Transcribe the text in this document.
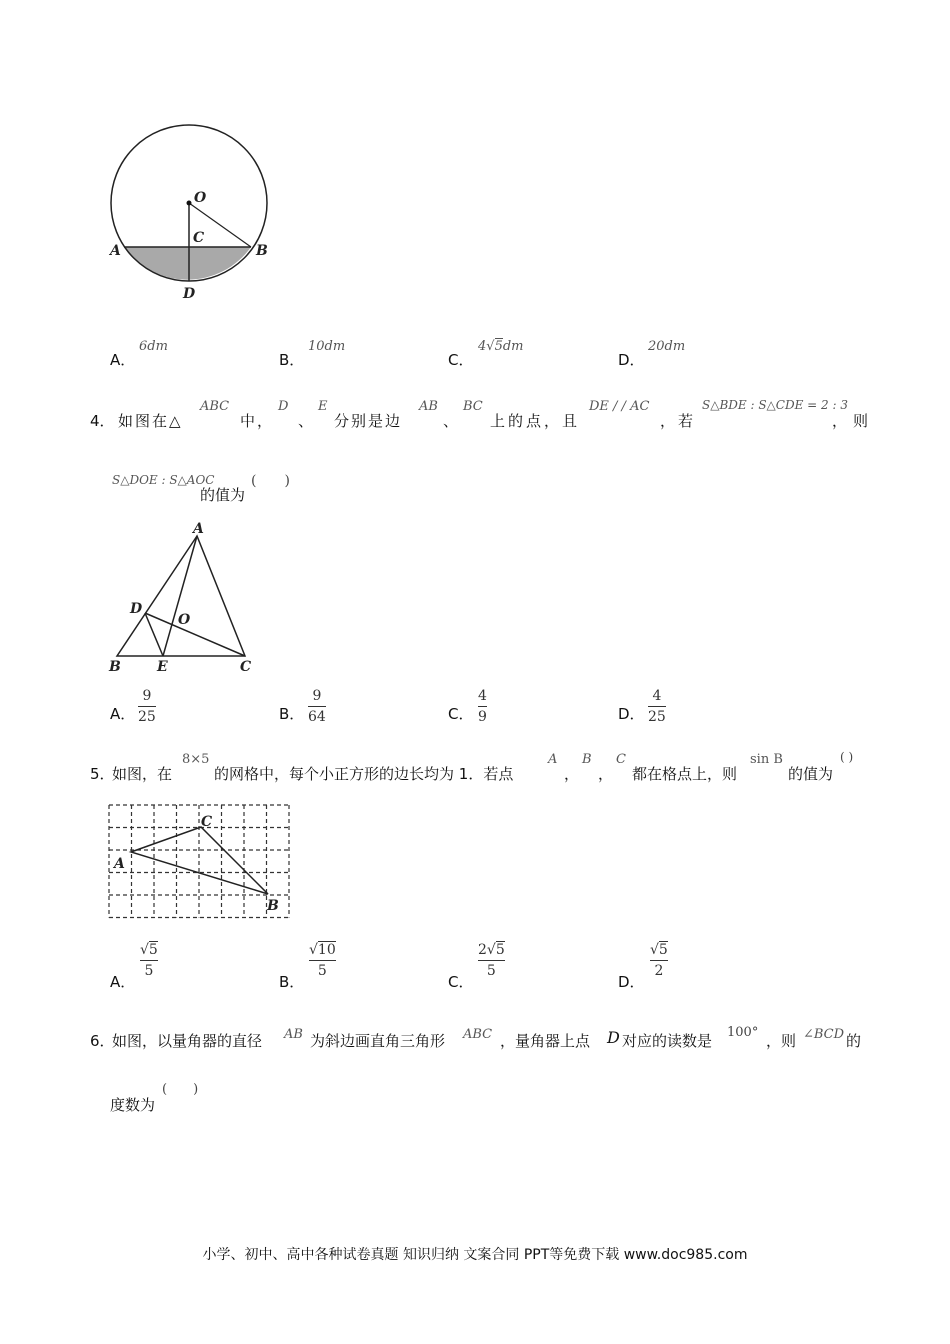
O
C
A	B
D
A．
6dm
B．
10dm
C．
4√5dm
D．
20dm
4． 如图在△
ABC
中，
D
、
E
分别是边
AB
、
BC
上的点，且
DE / / AC
，若
S△BDE : S△CDE = 2 : 3
，则
S△DOE : S△AOC
的值为
(　　)
A
D
O
B	E	C
A．
9
25	B．
9
64	C．
4
9	D．
4
25
5．
如图，在
8×5
的网格中，每个小正方形的边长均为 1．若点
A
，
B
，
C
都在格点上，则
sin B
的值为
( )
A
C
B
A．
√5
5
B．
√10
5
C．
2√5
5
D．
√5
2
6．
如图，以量角器的直径 AB 为斜边画直角三角形 ABC ，量角器上点 D 对应的读数是 100° ，则 ∠BCD 的
度数为
(　　)
小学、初中、高中各种试卷真题 知识归纳 文案合同 PPT等免费下载 www.doc985.com
